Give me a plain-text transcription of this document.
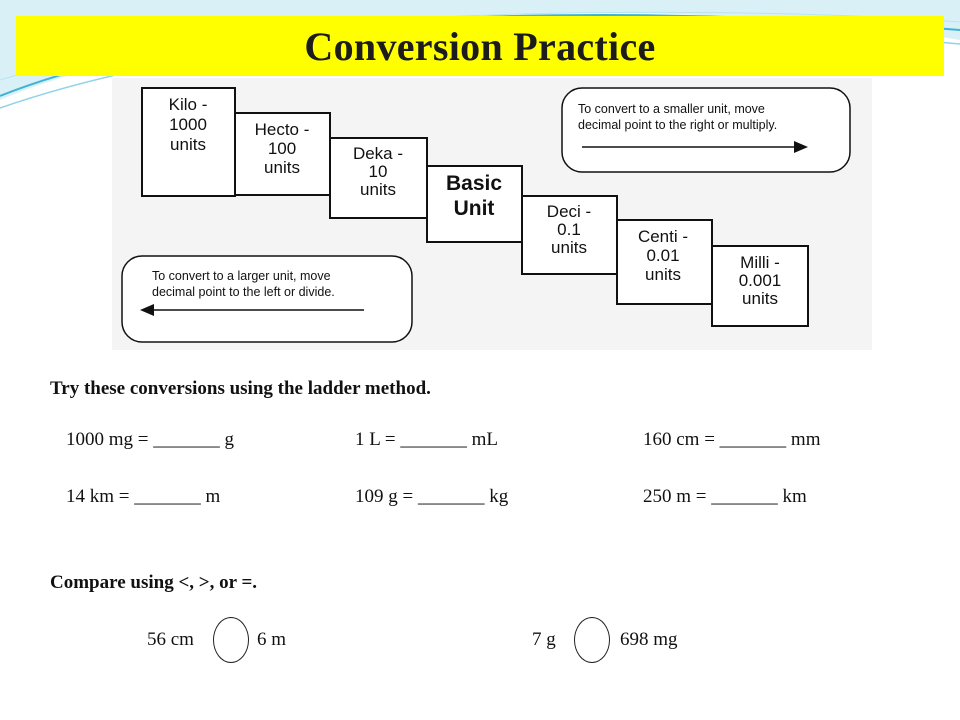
Conversion Practice
Kilo -
1000
units
Hecto -
100
units
Deka -
10
units Basic
Unit	Deci -
0.1
units
Centi -
0.01
units
Milli -
0.001
units
To convert to a smaller unit, move
decimal point to the right or multiply.
To convert to a larger unit, move
decimal point to the left or divide.

Try these conversions using the ladder method.

1000 mg = _______ g	1 L = _______ mL	160 cm = _______ mm
14 km = _______ m	109 g = _______ kg	250 m = _______ km

Compare using <, >, or =.

56 cm	6 m	7 g	698 mg
